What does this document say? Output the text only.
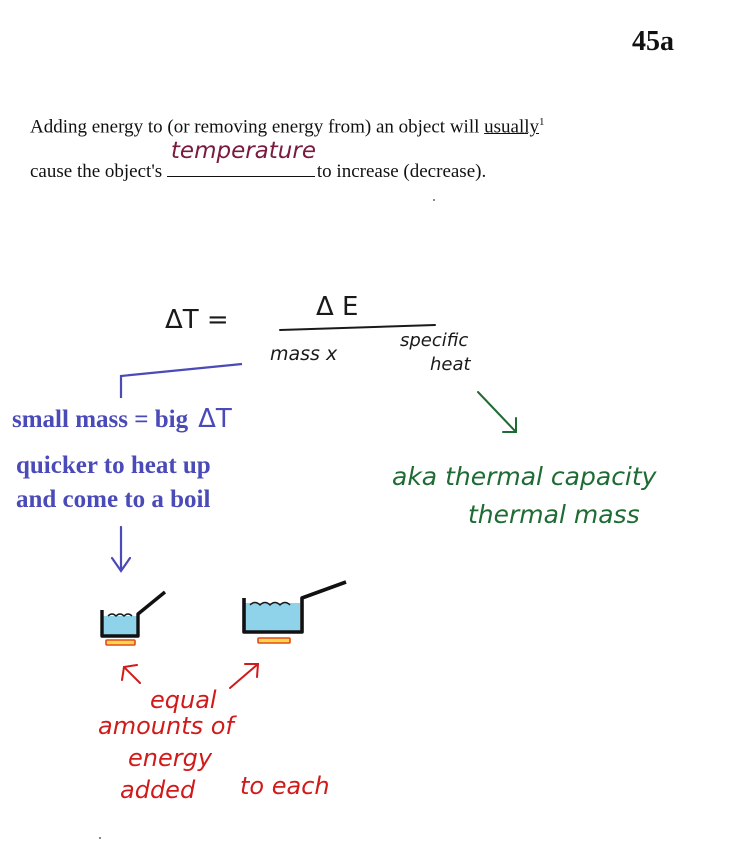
45a
Adding energy to (or removing energy from) an object will usually$^1$
cause the object's
temperature
to increase (decrease).
ΔT =	Δ E
mass x
specific
heat
small mass = big ΔT
quicker to heat up
and come to a boil
aka thermal capacity
thermal mass
equal
amounts of
energy
added to each
